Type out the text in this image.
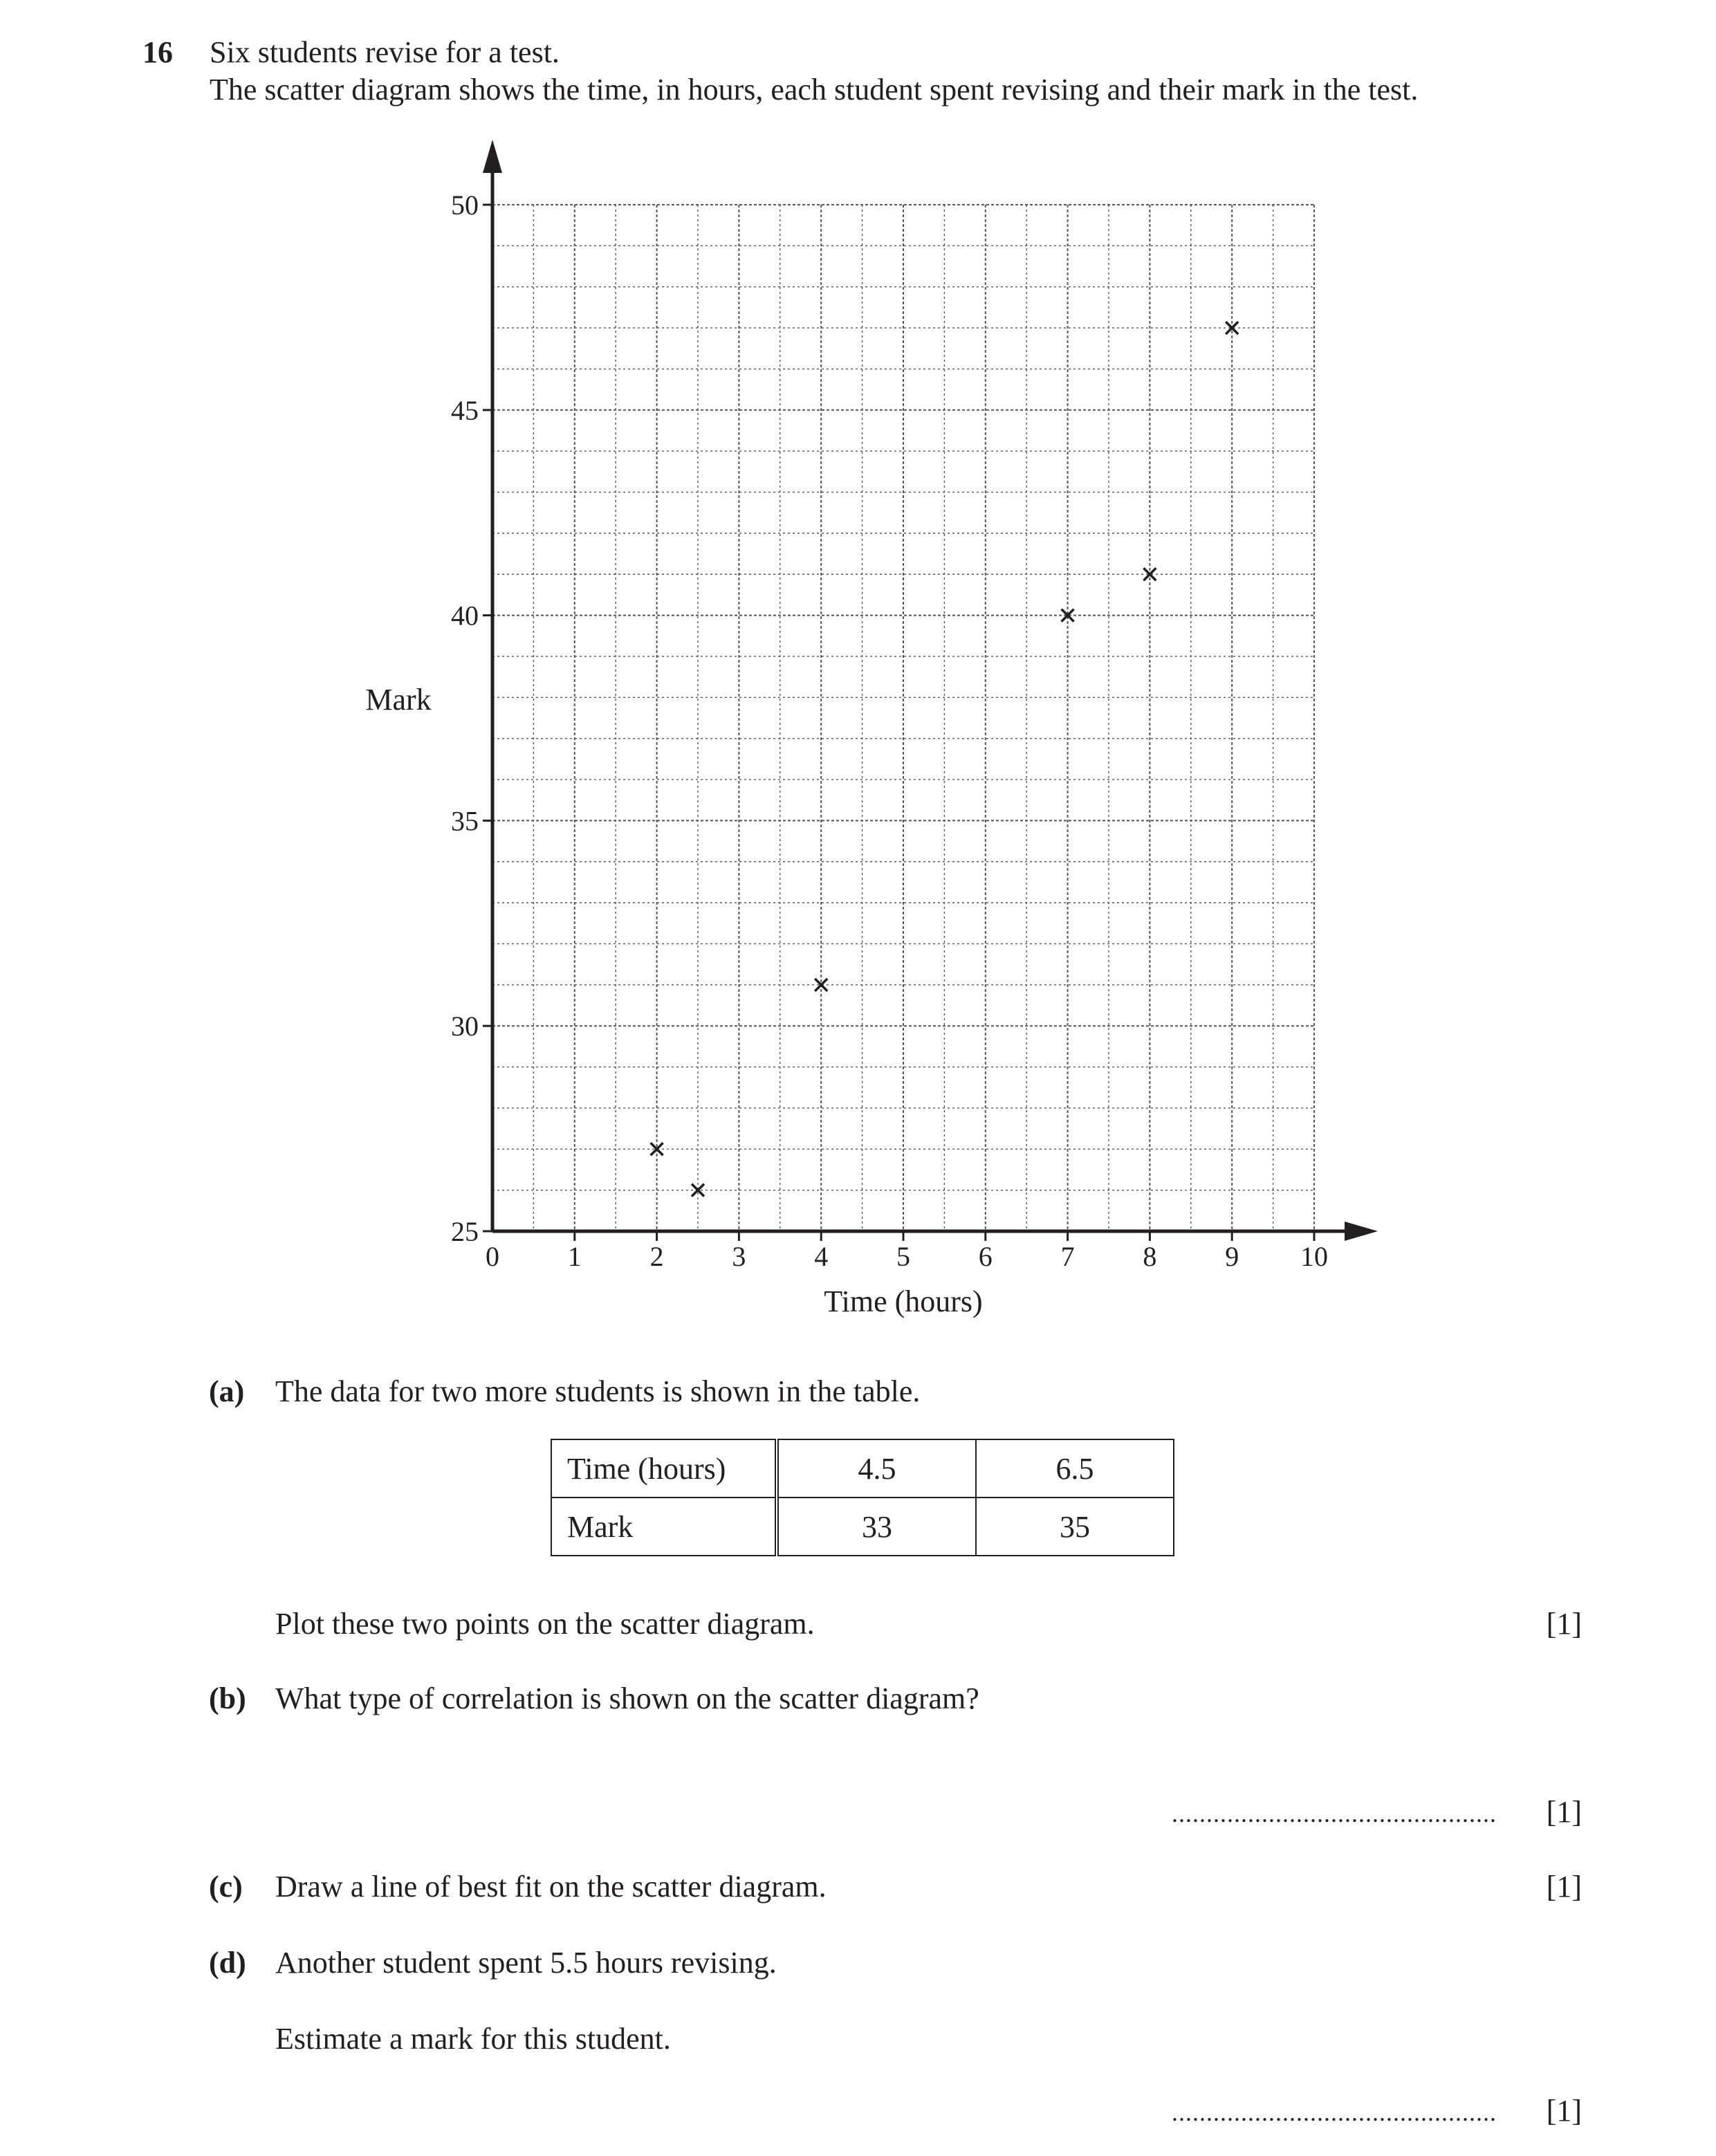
16 Six students revise for a test.
The scatter diagram shows the time, in hours, each student spent revising and their mark in the test.
0 1 2 3 4 5 6 7 8 9 10
25
30
35
40
45
50
Mark
Time (hours)
(a) The data for two more students is shown in the table.
Time (hours)	4.5	6.5
Mark	33	35
Plot these two points on the scatter diagram.	[1]
(b) What type of correlation is shown on the scatter diagram?
............................................... [1]
(c) Draw a line of best fit on the scatter diagram.	[1]
(d) Another student spent 5.5 hours revising.
Estimate a mark for this student.
............................................... [1]
